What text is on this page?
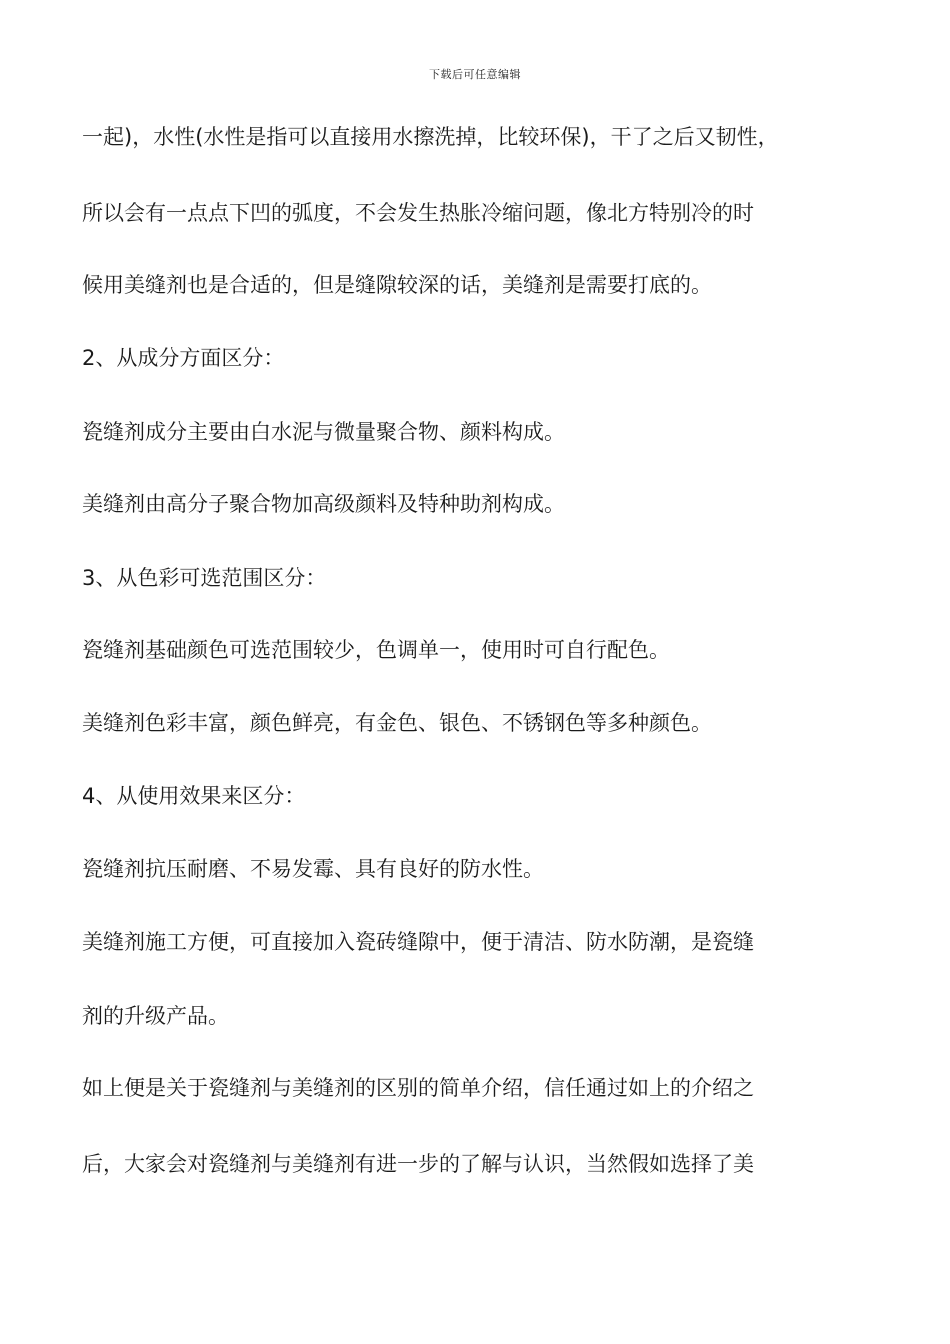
下载后可任意编辑
一起)，水性(水性是指可以直接用水擦洗掉，比较环保)，干了之后又韧性，
所以会有一点点下凹的弧度，不会发生热胀冷缩问题，像北方特别冷的时
候用美缝剂也是合适的，但是缝隙较深的话，美缝剂是需要打底的。
2、从成分方面区分：
瓷缝剂成分主要由白水泥与微量聚合物、颜料构成。
美缝剂由高分子聚合物加高级颜料及特种助剂构成。
3、从色彩可选范围区分：
瓷缝剂基础颜色可选范围较少，色调单一，使用时可自行配色。
美缝剂色彩丰富，颜色鲜亮，有金色、银色、不锈钢色等多种颜色。
4、从使用效果来区分：
瓷缝剂抗压耐磨、不易发霉、具有良好的防水性。
美缝剂施工方便，可直接加入瓷砖缝隙中，便于清洁、防水防潮，是瓷缝
剂的升级产品。
如上便是关于瓷缝剂与美缝剂的区别的简单介绍，信任通过如上的介绍之
后，大家会对瓷缝剂与美缝剂有进一步的了解与认识，当然假如选择了美
